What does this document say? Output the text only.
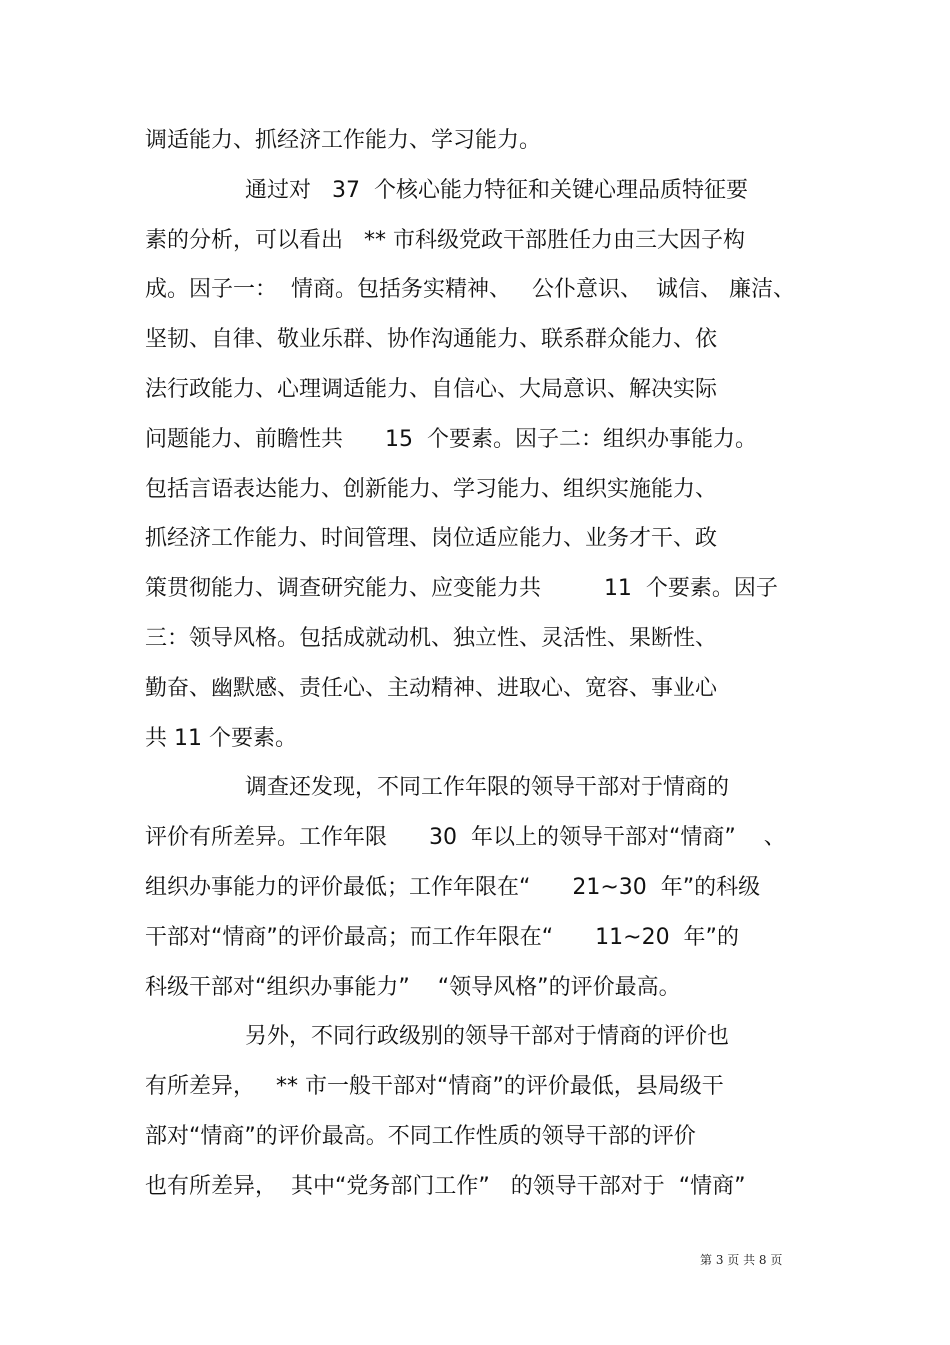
调适能力、抓经济工作能力、学习能力。
通过对   37  个核心能力特征和关键心理品质特征要
素的分析，可以看出   ** 市科级党政干部胜任力由三大因子构
成。因子一：  情商。包括务实精神、   公仆意识、  诚信、 廉洁、
坚韧、自律、敬业乐群、协作沟通能力、联系群众能力、依
法行政能力、心理调适能力、自信心、大局意识、解决实际
问题能力、前瞻性共      15  个要素。因子二：组织办事能力。
包括言语表达能力、创新能力、学习能力、组织实施能力、
抓经济工作能力、时间管理、岗位适应能力、业务才干、政
策贯彻能力、调查研究能力、应变能力共         11  个要素。因子
三：领导风格。包括成就动机、独立性、灵活性、果断性、
勤奋、幽默感、责任心、主动精神、进取心、宽容、事业心
共 11 个要素。
调查还发现，不同工作年限的领导干部对于情商的
评价有所差异。工作年限      30  年以上的领导干部对“情商”    、
组织办事能力的评价最低；工作年限在“      21~30  年”的科级
干部对“情商”的评价最高；而工作年限在“      11~20  年”的
科级干部对“组织办事能力”    “领导风格”的评价最高。
另外，不同行政级别的领导干部对于情商的评价也
有所差异，   ** 市一般干部对“情商”的评价最低，县局级干
部对“情商”的评价最高。不同工作性质的领导干部的评价
也有所差异，  其中“党务部门工作”   的领导干部对于  “情商”
第 3 页 共 8 页
